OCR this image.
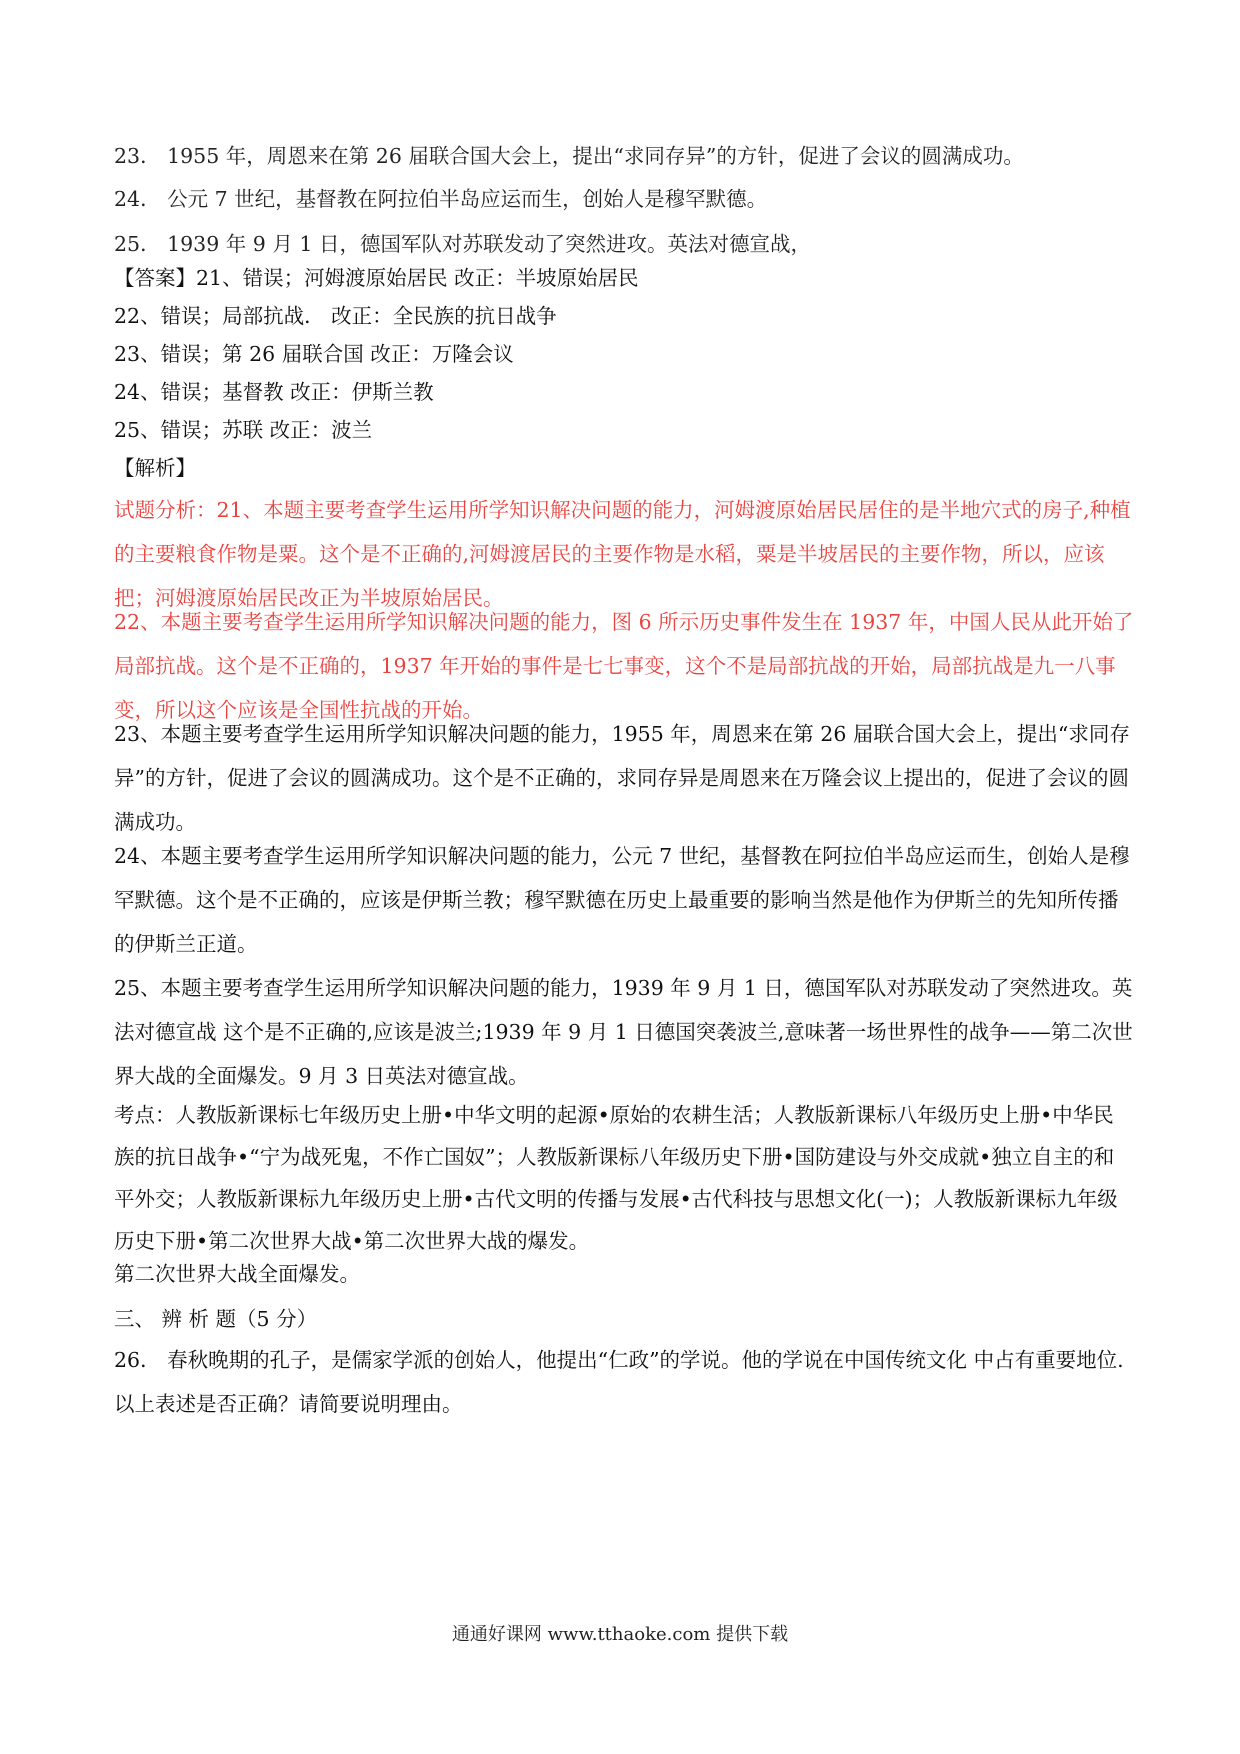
23． 1955 年，周恩来在第 26 届联合国大会上，提出“求同存异”的方针，促进了会议的圆满成功。
24． 公元 7 世纪，基督教在阿拉伯半岛应运而生，创始人是穆罕默德。
25． 1939 年 9 月 1 日，德国军队对苏联发动了突然进攻。英法对德宣战，
【答案】21、错误；河姆渡原始居民 改正：半坡原始居民
22、错误；局部抗战． 改正：全民族的抗日战争
23、错误；第 26 届联合国 改正：万隆会议
24、错误；基督教 改正：伊斯兰教
25、错误；苏联 改正：波兰
【解析】
试题分析：21、本题主要考查学生运用所学知识解决问题的能力，河姆渡原始居民居住的是半地穴式的房子,种植的主要粮食作物是粟。这个是不正确的,河姆渡居民的主要作物是水稻，粟是半坡居民的主要作物，所以，应该把；河姆渡原始居民改正为半坡原始居民。
22、本题主要考查学生运用所学知识解决问题的能力，图 6 所示历史事件发生在 1937 年，中国人民从此开始了局部抗战。这个是不正确的，1937 年开始的事件是七七事变，这个不是局部抗战的开始，局部抗战是九一八事变，所以这个应该是全国性抗战的开始。
23、本题主要考查学生运用所学知识解决问题的能力，1955 年，周恩来在第 26 届联合国大会上，提出“求同存异”的方针，促进了会议的圆满成功。这个是不正确的，求同存异是周恩来在万隆会议上提出的，促进了会议的圆满成功。
24、本题主要考查学生运用所学知识解决问题的能力，公元 7 世纪，基督教在阿拉伯半岛应运而生，创始人是穆罕默德。这个是不正确的，应该是伊斯兰教；穆罕默德在历史上最重要的影响当然是他作为伊斯兰的先知所传播的伊斯兰正道。
25、本题主要考查学生运用所学知识解决问题的能力，1939 年 9 月 1 日，德国军队对苏联发动了突然进攻。英法对德宣战 这个是不正确的,应该是波兰;1939 年 9 月 1 日德国突袭波兰,意味著一场世界性的战争——第二次世界大战的全面爆发。9 月 3 日英法对德宣战。
考点：人教版新课标七年级历史上册•中华文明的起源•原始的农耕生活；人教版新课标八年级历史上册•中华民族的抗日战争•“宁为战死鬼，不作亡国奴”；人教版新课标八年级历史下册•国防建设与外交成就•独立自主的和平外交；人教版新课标九年级历史上册•古代文明的传播与发展•古代科技与思想文化(一)；人教版新课标九年级历史下册•第二次世界大战•第二次世界大战的爆发。
第二次世界大战全面爆发。
三、 辨 析 题（5 分）
26． 春秋晚期的孔子，是儒家学派的创始人，他提出“仁政”的学说。他的学说在中国传统文化 中占有重要地位. 以上表述是否正确？请简要说明理由。
通通好课网 www.tthaoke.com 提供下载
